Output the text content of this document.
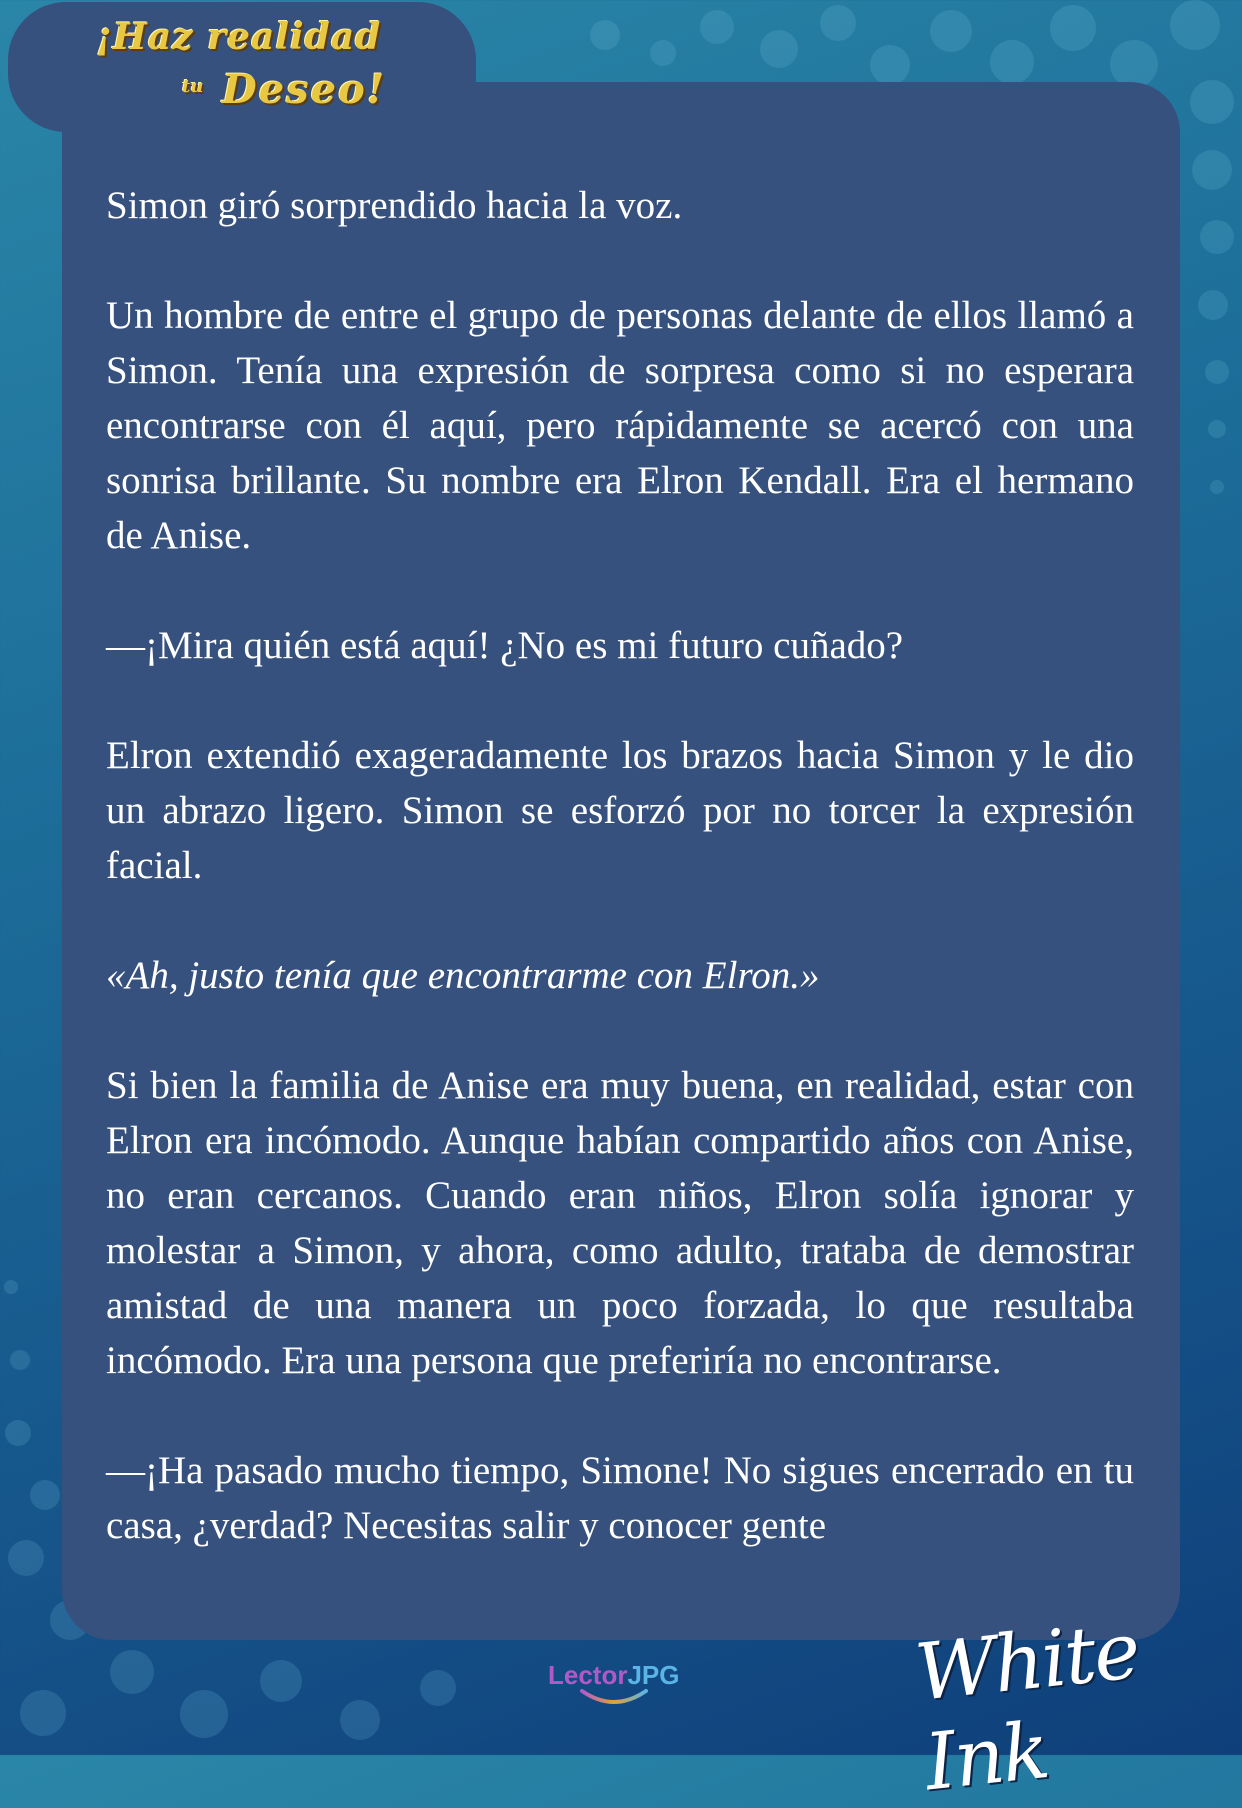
¡Haz realidad
tu Deseo!

Simon giró sorprendido hacia la voz.

Un hombre de entre el grupo de personas delante de ellos llamó a Simon. Tenía una expresión de sorpresa como si no esperara encontrarse con él aquí, pero rápidamente se acercó con una sonrisa brillante. Su nombre era Elron Kendall. Era el hermano de Anise.

—¡Mira quién está aquí! ¿No es mi futuro cuñado?

Elron extendió exageradamente los brazos hacia Simon y le dio un abrazo ligero. Simon se esforzó por no torcer la expresión facial.

«Ah, justo tenía que encontrarme con Elron.»

Si bien la familia de Anise era muy buena, en realidad, estar con Elron era incómodo. Aunque habían compartido años con Anise, no eran cercanos. Cuando eran niños, Elron solía ignorar y molestar a Simon, y ahora, como adulto, trataba de demostrar amistad de una manera un poco forzada, lo que resultaba incómodo. Era una persona que preferiría no encontrarse.

—¡Ha pasado mucho tiempo, Simone! No sigues encerrado en tu casa, ¿verdad? Necesitas salir y conocer gente

LectorJPG	White Ink
